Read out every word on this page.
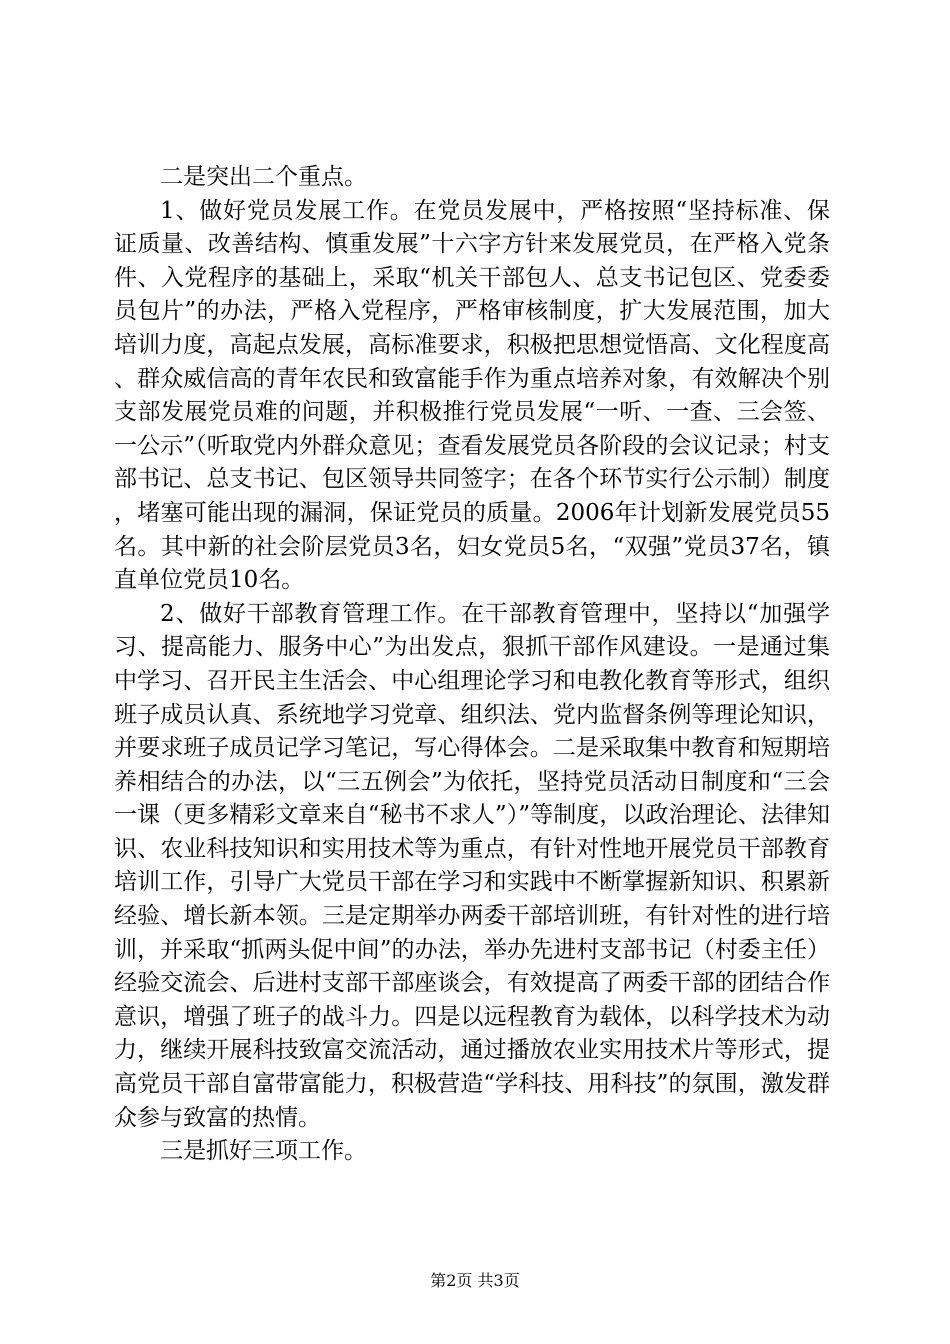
二是突出二个重点。

1、做好党员发展工作。在党员发展中，严格按照“坚持标准、保证质量、改善结构、慎重发展”十六字方针来发展党员，在严格入党条件、入党程序的基础上，采取“机关干部包人、总支书记包区、党委委员包片”的办法，严格入党程序，严格审核制度，扩大发展范围，加大培训力度，高起点发展，高标准要求，积极把思想觉悟高、文化程度高、群众威信高的青年农民和致富能手作为重点培养对象，有效解决个别支部发展党员难的问题，并积极推行党员发展“一听、一查、三会签、一公示”（听取党内外群众意见；查看发展党员各阶段的会议记录；村支部书记、总支书记、包区领导共同签字；在各个环节实行公示制）制度，堵塞可能出现的漏洞，保证党员的质量。2006年计划新发展党员55名。其中新的社会阶层党员3名，妇女党员5名，“双强”党员37名，镇直单位党员10名。

2、做好干部教育管理工作。在干部教育管理中，坚持以“加强学习、提高能力、服务中心”为出发点，狠抓干部作风建设。一是通过集中学习、召开民主生活会、中心组理论学习和电教化教育等形式，组织班子成员认真、系统地学习党章、组织法、党内监督条例等理论知识，并要求班子成员记学习笔记，写心得体会。二是采取集中教育和短期培养相结合的办法，以“三五例会”为依托，坚持党员活动日制度和“三会一课（更多精彩文章来自“秘书不求人”）”等制度，以政治理论、法律知识、农业科技知识和实用技术等为重点，有针对性地开展党员干部教育培训工作，引导广大党员干部在学习和实践中不断掌握新知识、积累新经验、增长新本领。三是定期举办两委干部培训班，有针对性的进行培训，并采取“抓两头促中间”的办法，举办先进村支部书记（村委主任）经验交流会、后进村支部干部座谈会，有效提高了两委干部的团结合作意识，增强了班子的战斗力。四是以远程教育为载体，以科学技术为动力，继续开展科技致富交流活动，通过播放农业实用技术片等形式，提高党员干部自富带富能力，积极营造“学科技、用科技”的氛围，激发群众参与致富的热情。

三是抓好三项工作。

第2页 共3页
